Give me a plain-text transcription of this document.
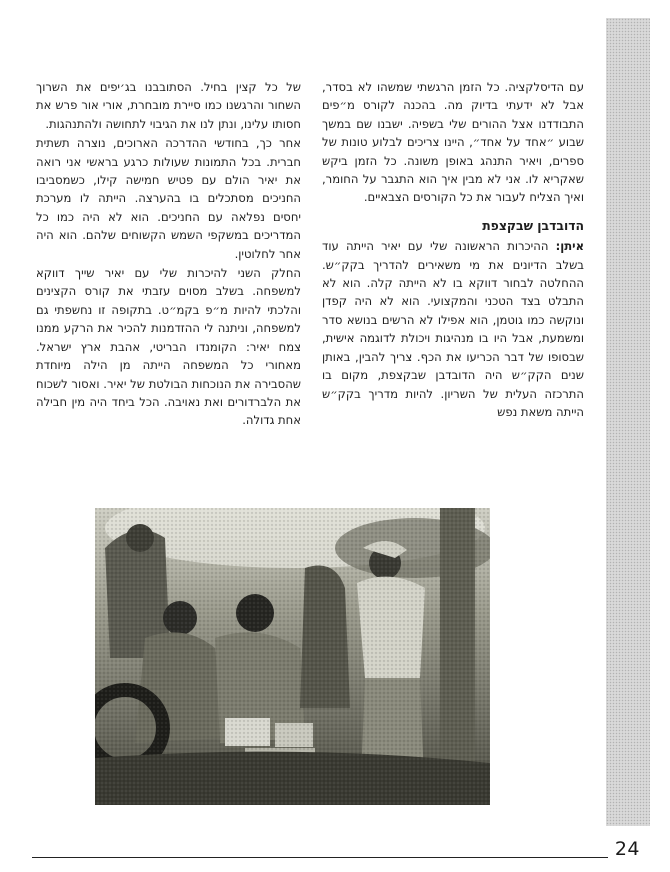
עם הדיסלקציה. כל הזמן הרגשתי שמשהו לא בסדר, אבל לא ידעתי בדיוק מה. בהכנה לקורס מ״פים התבודדנו אצל ההורים שלי בשפיה. ישבנו שם במשך שבוע ״אחד על אחד״, היינו צריכים לבלוע טונות של ספרים, ויאיר התנהג באופן משונה. כל הזמן ביקש שאקריא לו. אני לא מבין איך הוא התגבר על החומר, ואיך הצליח לעבור את כל הקורסים הצבאיים.

הדובדבן שבקצפת

איתן: ההיכרות הראשונה שלי עם יאיר הייתה עוד בשלב הדיונים את מי משאירים להדריך בקק״ש. ההחלטה לבחור דווקא בו לא הייתה קלה. הוא לא התבלט בצד הטכני והמקצועי. הוא לא היה קפדן ונוקשה כמו גוטמן, הוא אפילו לא הרשים בנושא סדר ומשמעת, אבל היו בו מנהיגות ויכולת לדוגמה אישית, שבסופו של דבר הכריעו את הכף. צריך להבין, באותן שנים הקק״ש היה הדובדבן שבקצפת, מקום בו התרכזה העלית של השריון. להיות מדריך בקק״ש הייתה משאת נפש

של כל קצין בחיל. הסתובבנו בג׳יפים את השרוך השחור והרגשנו כמו סיירת מובחרת, אורי אור פרש את חסותו עלינו, ונתן לנו את הגיבוי לתחושה ולהתנהגות.

אחר כך, בחודשי ההדרכה הארוכים, נוצרה תשתית חברית. בכל התמונות שעולות כרגע בראשי אני רואה את יאיר הולם עם פטיש חמישה קילו, כשמסביבו החניכים מסתכלים בו בהערצה. הייתה לו מערכת יחסים נפלאה עם החניכים. הוא לא היה כמו כל המדריכים במשקפי השמש הקשוחים שלהם. הוא היה אחר לחלוטין.

החלק השני להיכרות שלי עם יאיר שייך דווקא למשפחה. בשלב מסוים עזבתי את קורס הקצינים והלכתי להיות מ״פ בקמ״ט. בתקופה זו נחשפתי גם למשפחה, וניתנה לי ההזדמנות להכיר את הרקע ממנו צמח יאיר: הקומנדו הבריטי, אהבת ארץ ישראל. מאחורי כל המשפחה הייתה מן הילה מיוחדת שהסבירה את הנוכחות הבולטת של יאיר. ואסור לשכוח את הלברדורים ואת נאויבה. הכל ביחד היה מין חבילה אחת גדולה.

24
